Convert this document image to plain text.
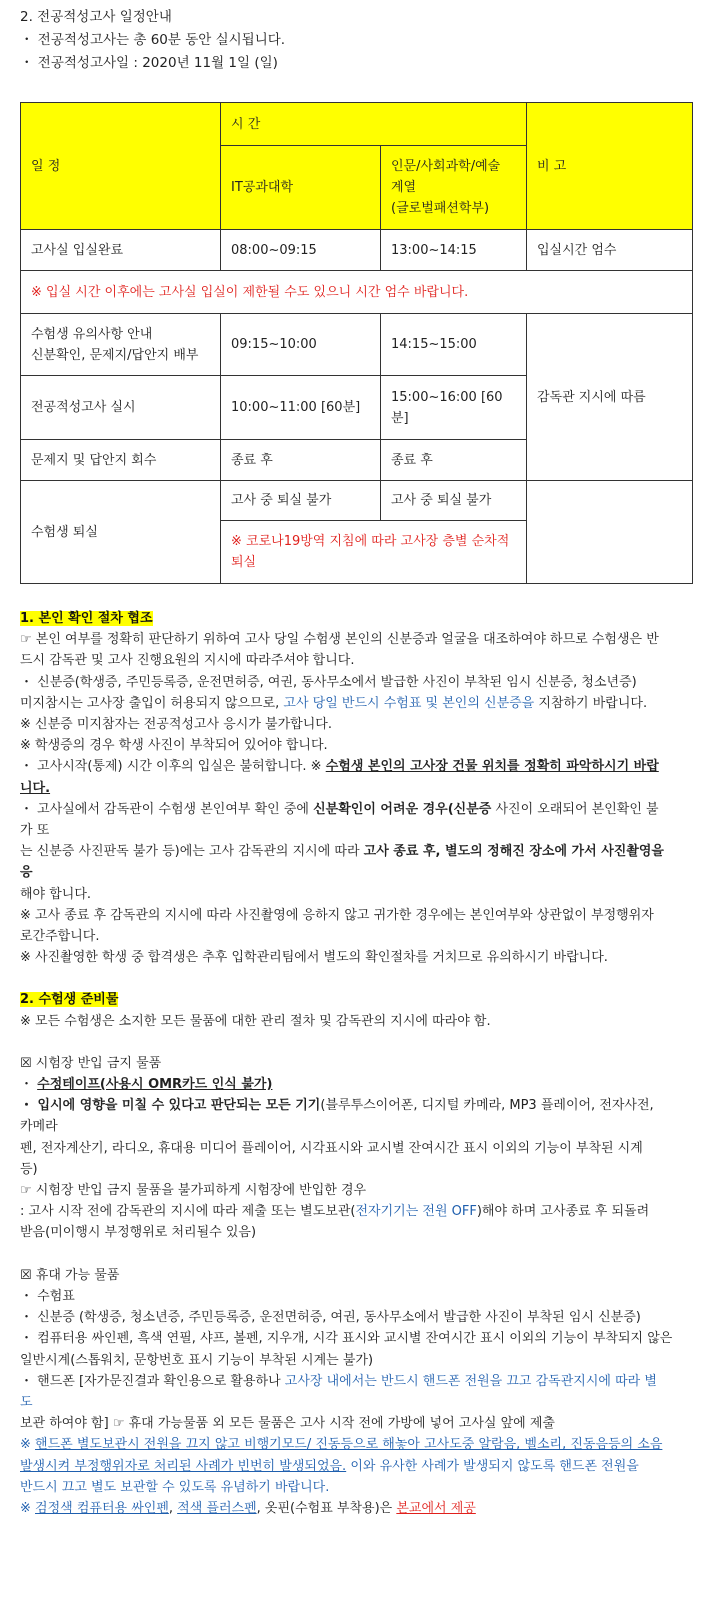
2. 전공적성고사 일정안내
・ 전공적성고사는 총 60분 동안 실시됩니다.
・ 전공적성고사일 : 2020년 11월 1일 (일)
일 정	시 간		비 고
	IT공과대학	인문/사회과학/예술
계열
(글로벌패션학부)	

고사실 입실완료	08:00~09:15	13:00~14:15	입실시간 엄수
※ 입실 시간 이후에는 고사실 입실이 제한될 수도 있으니 시간 엄수 바랍니다.			

수험생 유의사항 안내
신분확인, 문제지/답안지 배부	09:15~10:00	14:15~15:00	감독관 지시에 따름
전공적성고사 실시	10:00~11:00 [60분]	15:00~16:00 [60분]	
문제지 및 답안지 회수	종료 후	종료 후	
수험생 퇴실	고사 중 퇴실 불가	고사 중 퇴실 불가	
	※ 코로나19방역 지침에 따라 고사장 층별 순차적 퇴실		
1. 본인 확인 절차 협조
☞ 본인 여부를 정확히 판단하기 위하여 고사 당일 수험생 본인의 신분증과 얼굴을 대조하여야 하므로 수험생은 반
드시 감독관 및 고사 진행요원의 지시에 따라주셔야 합니다.
・ 신분증(학생증, 주민등록증, 운전면허증, 여권, 동사무소에서 발급한 사진이 부착된 임시 신분증, 청소년증)
미지참시는 고사장 출입이 허용되지 않으므로, 고사 당일 반드시 수험표 및 본인의 신분증을 지참하기 바랍니다.
※ 신분증 미지참자는 전공적성고사 응시가 불가합니다.
※ 학생증의 경우 학생 사진이 부착되어 있어야 합니다.
・ 고사시작(통제) 시간 이후의 입실은 불허합니다. ※ 수험생 본인의 고사장 건물 위치를 정확히 파악하시기 바랍
니다.
・ 고사실에서 감독관이 수험생 본인여부 확인 중에 신분확인이 어려운 경우(신분증 사진이 오래되어 본인확인 불
가 또
는 신분증 사진판독 불가 등)에는 고사 감독관의 지시에 따라 고사 종료 후, 별도의 정해진 장소에 가서 사진촬영을
응
해야 합니다.
※ 고사 종료 후 감독관의 지시에 따라 사진촬영에 응하지 않고 귀가한 경우에는 본인여부와 상관없이 부정행위자
로간주합니다.
※ 사진촬영한 학생 중 합격생은 추후 입학관리팀에서 별도의 확인절차를 거치므로 유의하시기 바랍니다.
2. 수험생 준비물
※ 모든 수험생은 소지한 모든 물품에 대한 관리 절차 및 감독관의 지시에 따라야 함.
☒ 시험장 반입 금지 물품
・ 수정테이프(사용시 OMR카드 인식 불가)
・ 입시에 영향을 미칠 수 있다고 판단되는 모든 기기(블루투스이어폰, 디지털 카메라, MP3 플레이어, 전자사전,
카메라
펜, 전자계산기, 라디오, 휴대용 미디어 플레이어, 시각표시와 교시별 잔여시간 표시 이외의 기능이 부착된 시계
등)
☞ 시험장 반입 금지 물품을 불가피하게 시험장에 반입한 경우
: 고사 시작 전에 감독관의 지시에 따라 제출 또는 별도보관(전자기기는 전원 OFF)해야 하며 고사종료 후 되돌려
받음(미이행시 부정행위로 처리될수 있음)
☒ 휴대 가능 물품
・ 수험표
・ 신분증 (학생증, 청소년증, 주민등록증, 운전면허증, 여권, 동사무소에서 발급한 사진이 부착된 임시 신분증)
・ 컴퓨터용 싸인펜, 흑색 연필, 샤프, 볼펜, 지우개, 시각 표시와 교시별 잔여시간 표시 이외의 기능이 부착되지 않은
일반시계(스톱워치, 문항번호 표시 기능이 부착된 시계는 불가)
・ 핸드폰 [자가문진결과 확인용으로 활용하나 고사장 내에서는 반드시 핸드폰 전원을 끄고 감독관지시에 따라 별
도
보관 하여야 함] ☞ 휴대 가능물품 외 모든 물품은 고사 시작 전에 가방에 넣어 고사실 앞에 제출
※ 핸드폰 별도보관시 전원을 끄지 않고 비행기모드/ 진동등으로 해놓아 고사도중 알람음, 벨소리, 진동음등의 소음
발생시켜 부정행위자로 처리된 사례가 빈번히 발생되었음. 이와 유사한 사례가 발생되지 않도록 핸드폰 전원을
반드시 끄고 별도 보관할 수 있도록 유념하기 바랍니다.
※ 검정색 컴퓨터용 싸인펜, 적색 플러스펜, 옷핀(수험표 부착용)은 본교에서 제공
